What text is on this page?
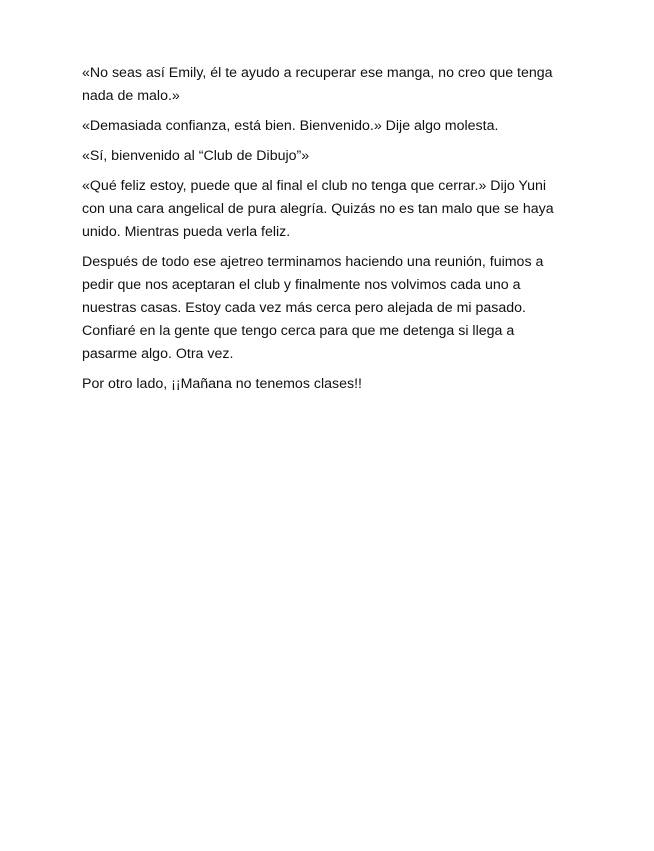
«No seas así Emily, él te ayudo a recuperar ese manga, no creo que tenga nada de malo.»

«Demasiada confianza, está bien. Bienvenido.» Dije algo molesta.

«Sí, bienvenido al “Club de Dibujo”»

«Qué feliz estoy, puede que al final el club no tenga que cerrar.» Dijo Yuni con una cara angelical de pura alegría. Quizás no es tan malo que se haya unido. Mientras pueda verla feliz.

Después de todo ese ajetreo terminamos haciendo una reunión, fuimos a pedir que nos aceptaran el club y finalmente nos volvimos cada uno a nuestras casas. Estoy cada vez más cerca pero alejada de mi pasado. Confiaré en la gente que tengo cerca para que me detenga si llega a pasarme algo. Otra vez.

Por otro lado, ¡¡Mañana no tenemos clases!!
